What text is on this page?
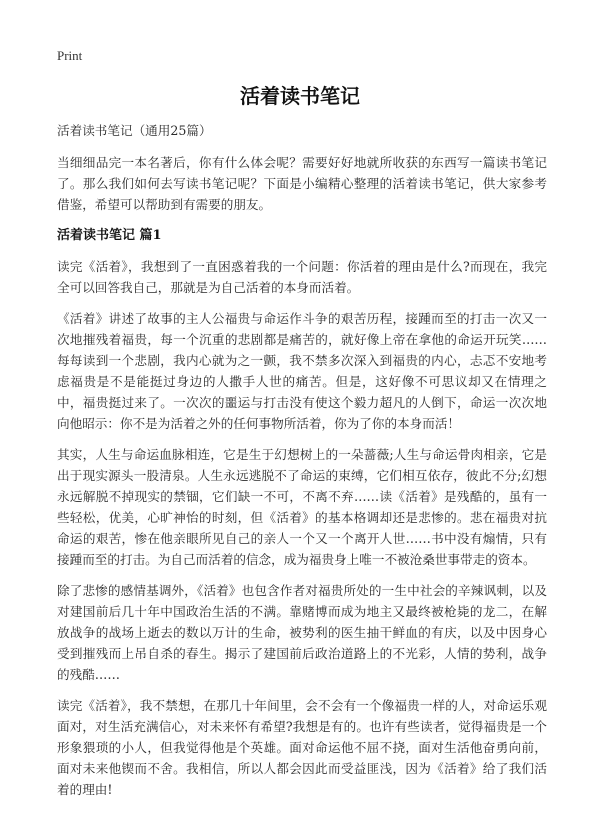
Print
活着读书笔记

活着读书笔记（通用25篇）

当细细品完一本名著后，你有什么体会呢？需要好好地就所收获的东西写一篇读书笔记了。那么我们如何去写读书笔记呢？下面是小编精心整理的活着读书笔记，供大家参考借鉴，希望可以帮助到有需要的朋友。

活着读书笔记 篇1

读完《活着》，我想到了一直困惑着我的一个问题：你活着的理由是什么?而现在，我完全可以回答我自己，那就是为自己活着的本身而活着。

《活着》讲述了故事的主人公福贵与命运作斗争的艰苦历程，接踵而至的打击一次又一次地摧残着福贵，每一个沉重的悲剧都是痛苦的，就好像上帝在拿他的命运开玩笑……每每读到一个悲剧，我内心就为之一颤，我不禁多次深入到福贵的内心，忐忑不安地考虑福贵是不是能挺过身边的人撒手人世的痛苦。但是，这好像不可思议却又在情理之中，福贵挺过来了。一次次的噩运与打击没有使这个毅力超凡的人倒下，命运一次次地向他昭示：你不是为活着之外的任何事物所活着，你为了你的本身而活！

其实，人生与命运血脉相连，它是生于幻想树上的一朵蔷薇;人生与命运骨肉相亲，它是出于现实源头一股清泉。人生永远逃脱不了命运的束缚，它们相互依存，彼此不分;幻想永远解脱不掉现实的禁锢，它们缺一不可，不离不弃……读《活着》是残酷的，虽有一些轻松，优美，心旷神怡的时刻，但《活着》的基本格调却还是悲惨的。悲在福贵对抗命运的艰苦，惨在他亲眼所见自己的亲人一个又一个离开人世……书中没有煽情，只有接踵而至的打击。为自己而活着的信念，成为福贵身上唯一不被沧桑世事带走的资本。

除了悲惨的感情基调外，《活着》也包含作者对福贵所处的一生中社会的辛辣讽刺，以及对建国前后几十年中国政治生活的不满。靠赌博而成为地主又最终被枪毙的龙二，在解放战争的战场上逝去的数以万计的生命，被势利的医生抽干鲜血的有庆，以及中因身心受到摧残而上吊自杀的春生。揭示了建国前后政治道路上的不光彩，人情的势利，战争的残酷……

读完《活着》，我不禁想，在那几十年间里，会不会有一个像福贵一样的人，对命运乐观面对，对生活充满信心，对未来怀有希望?我想是有的。也许有些读者，觉得福贵是一个形象猥琐的小人，但我觉得他是个英雄。面对命运他不屈不挠，面对生活他奋勇向前，面对未来他锲而不舍。我相信，所以人都会因此而受益匪浅，因为《活着》给了我们活着的理由!
